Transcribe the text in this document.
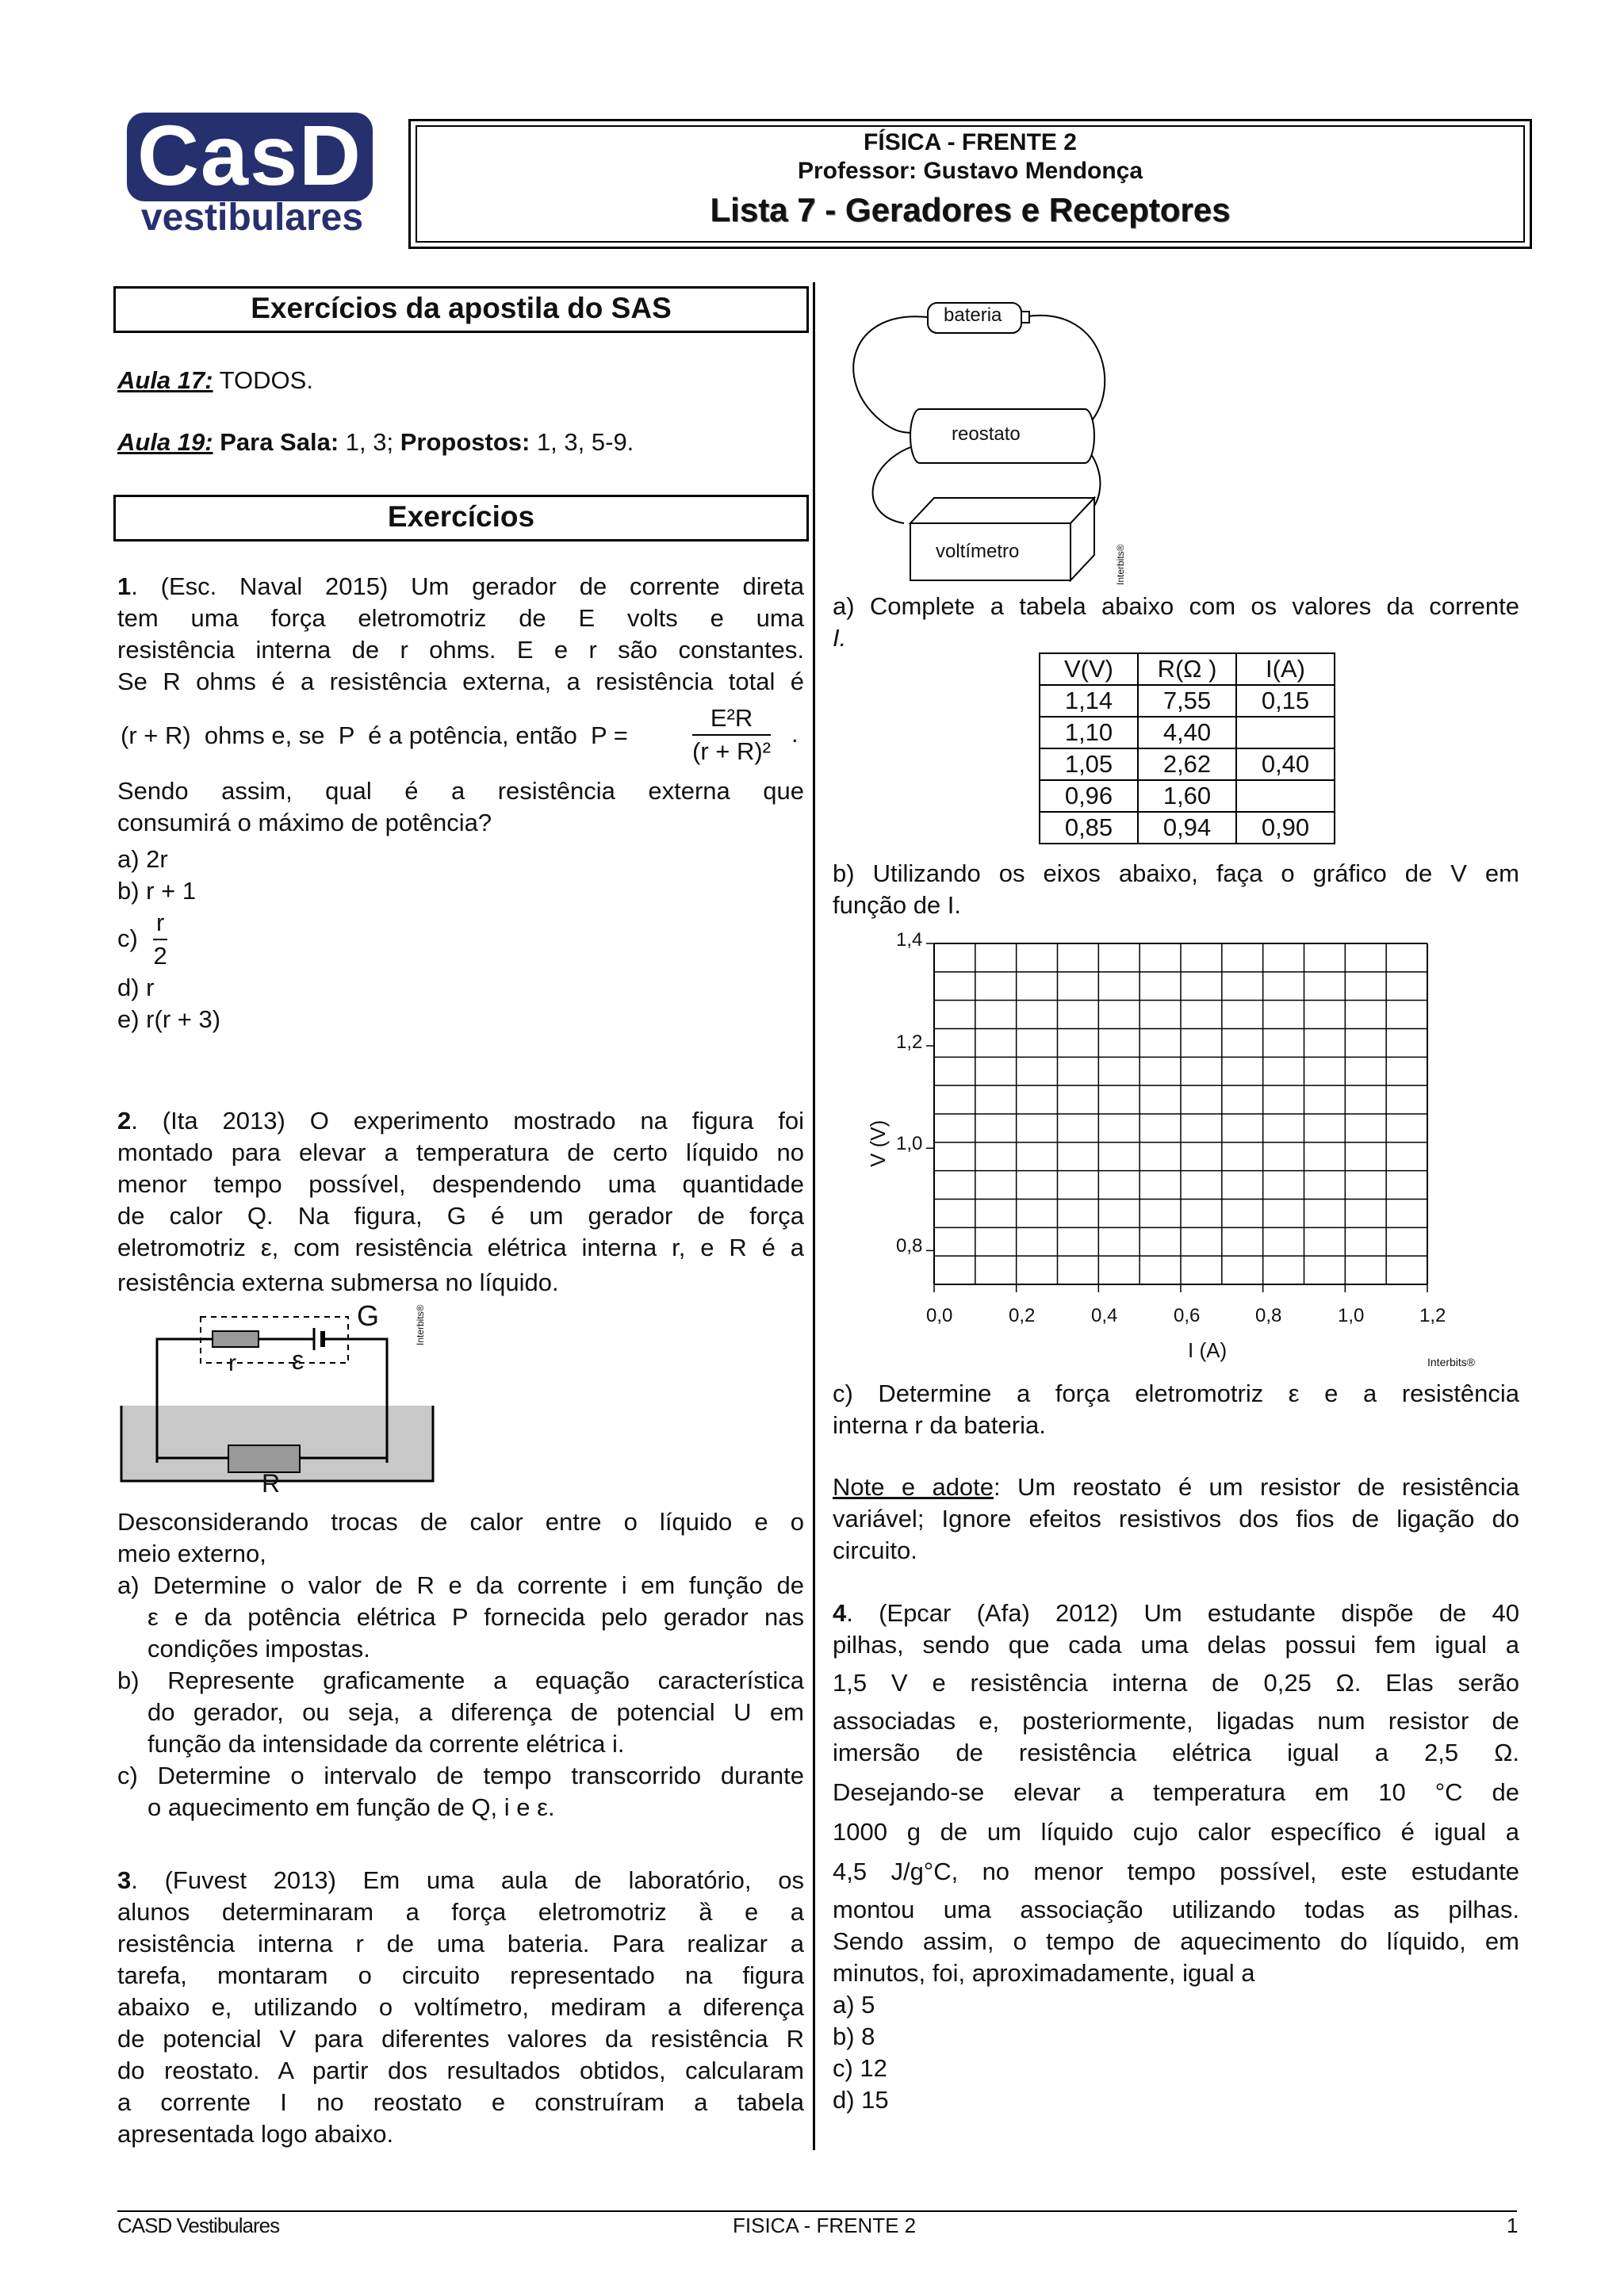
CasD
vestibulares
FÍSICA - FRENTE 2
Professor: Gustavo Mendonça
Lista 7 - Geradores e Receptores
Exercícios da apostila do SAS
Aula 17: TODOS.
Aula 19: Para Sala: 1, 3; Propostos: 1, 3, 5-9.
Exercícios
1. (Esc. Naval 2015) Um gerador de corrente direta
tem uma força eletromotriz de E volts e uma
resistência interna de r ohms. E e r são constantes.
Se R ohms é a resistência externa, a resistência total é
(r + R)  ohms e, se  P  é a potência, então  P =	$\frac{\text{E²R}}{\text{(r + R)²}}$ .
Sendo assim, qual é a resistência externa que
consumirá o máximo de potência?
a) 2r
b) r + 1
$c) \frac{r}{2}$
d) r
e) r(r + 3)
2. (Ita 2013) O experimento mostrado na figura foi
montado para elevar a temperatura de certo líquido no
menor tempo possível, despendendo uma quantidade
de calor Q. Na figura, G é um gerador de força
eletromotriz ε, com resistência elétrica interna r, e R é a
resistência externa submersa no líquido.
G
r ε
R
Interbits®
Desconsiderando trocas de calor entre o líquido e o
meio externo,
a) Determine o valor de R e da corrente i em função de
ε e da potência elétrica P fornecida pelo gerador nas
condições impostas.
b) Represente graficamente a equação característica
do gerador, ou seja, a diferença de potencial U em
função da intensidade da corrente elétrica i.
c) Determine o intervalo de tempo transcorrido durante
o aquecimento em função de Q, i e ε.
3. (Fuvest 2013) Em uma aula de laboratório, os
alunos determinaram a força eletromotriz ȁ e a
resistência interna r de uma bateria. Para realizar a
tarefa, montaram o circuito representado na figura
abaixo e, utilizando o voltímetro, mediram a diferença
de potencial V para diferentes valores da resistência R
do reostato. A partir dos resultados obtidos, calcularam
a corrente I no reostato e construíram a tabela
apresentada logo abaixo.
bateria
reostato
voltímetro	Interbits®
a) Complete a tabela abaixo com os valores da corrente
I.
V(V)	R(Ω )	I(A)
1,14	7,55	0,15
1,10	4,40	
1,05	2,62	0,40
0,96	1,60	
0,85	0,94	0,90
b) Utilizando os eixos abaixo, faça o gráfico de V em
função de I.
1,4
1,2
1,0
0,8
0,0	0,2	0,4	0,6	0,8	1,0	1,2
V (V)
I (A)	Interbits®
c) Determine a força eletromotriz ε e a resistência
interna r da bateria.
Note e adote: Um reostato é um resistor de resistência
variável; Ignore efeitos resistivos dos fios de ligação do
circuito.
4. (Epcar (Afa) 2012) Um estudante dispõe de 40
pilhas, sendo que cada uma delas possui fem igual a
1,5 V e resistência interna de 0,25 Ω. Elas serão
associadas e, posteriormente, ligadas num resistor de
imersão de resistência elétrica igual a 2,5 Ω.
Desejando-se elevar a temperatura em 10 °C de
1000 g de um líquido cujo calor específico é igual a
4,5 J/g°C, no menor tempo possível, este estudante
montou uma associação utilizando todas as pilhas.
Sendo assim, o tempo de aquecimento do líquido, em
minutos, foi, aproximadamente, igual a
a) 5
b) 8
c) 12
d) 15
CASD Vestibulares	FISICA - FRENTE 2	1
